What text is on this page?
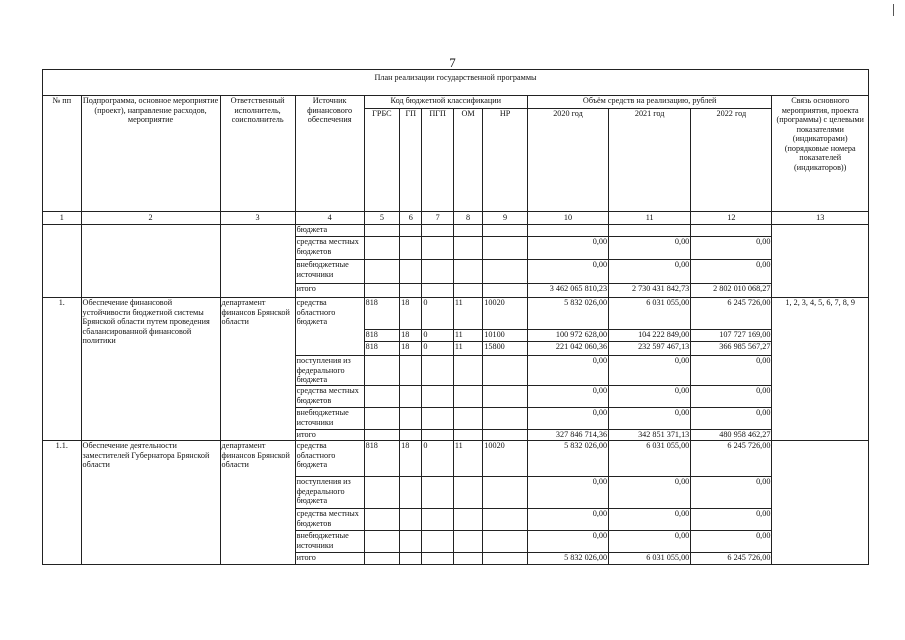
7
План реализации государственной программы												
№ пп	Подпрограмма, основное мероприятие (проект), направление расходов, мероприятие	Ответственный исполнитель, соисполнитель	Источник финансового обеспечения	Код бюджетной классификации					Объём средств на реализацию, рублей			Связь основного мероприятия, проекта (программы) с целевыми показателями (индикаторами) (порядковые номера показателей (индикаторов))
				ГРБС	ГП	ПГП	ОМ	НР	2020 год	2021 год	2022 год	
1	2	3	4	5	6	7	8	9	10	11	12	13
			бюджета									
			средства местных бюджетов						0,00	0,00	0,00	
			внебюджетные источники						0,00	0,00	0,00	
			итого						3 462 065 810,23	2 730 431 842,73	2 802 010 068,27	
1.	Обеспечение финансовой устойчивости бюджетной системы Брянской области путем проведения сбалансированной финансовой политики	департамент финансов Брянской области	средства областного бюджета	818	18	0	11	10020	5 832 026,00	6 031 055,00	6 245 726,00	1, 2, 3, 4, 5, 6, 7, 8, 9
				818	18	0	11	10100	100 972 628,00	104 222 849,00	107 727 169,00	
				818	18	0	11	15800	221 042 060,36	232 597 467,13	366 985 567,27	
			поступления из федерального бюджета						0,00	0,00	0,00	
			средства местных бюджетов						0,00	0,00	0,00	
			внебюджетные источники						0,00	0,00	0,00	
			итого						327 846 714,36	342 851 371,13	480 958 462,27	
1.1.	Обеспечение деятельности заместителей Губернатора Брянской области	департамент финансов Брянской области	средства областного бюджета	818	18	0	11	10020	5 832 026,00	6 031 055,00	6 245 726,00	
			поступления из федерального бюджета						0,00	0,00	0,00	
			средства местных бюджетов						0,00	0,00	0,00	
			внебюджетные источники						0,00	0,00	0,00	
			итого						5 832 026,00	6 031 055,00	6 245 726,00	
